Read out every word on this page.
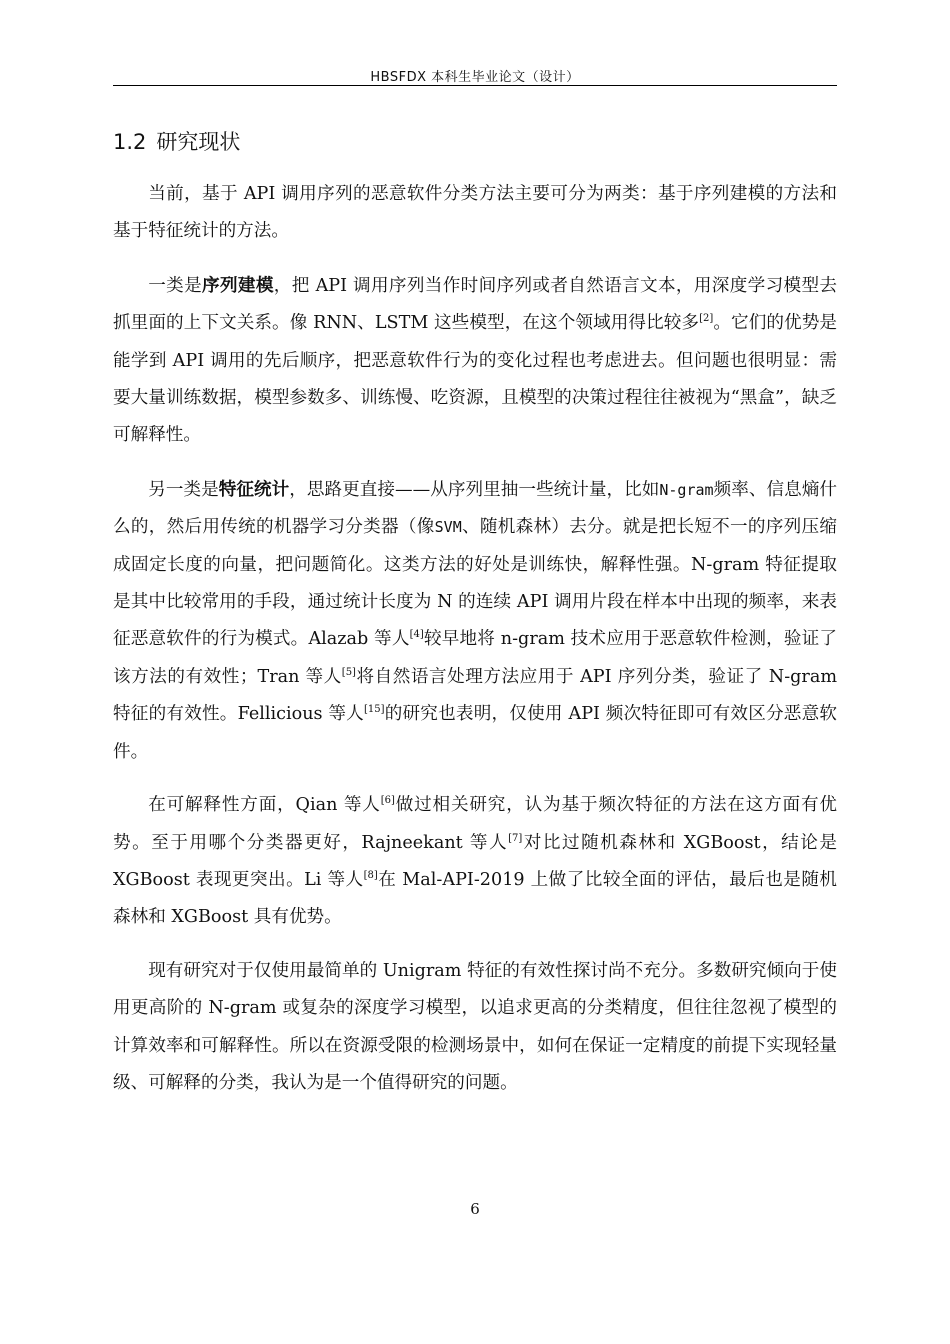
HBSFDX 本科生毕业论文（设计）
1.2 研究现状

当前，基于 API 调用序列的恶意软件分类方法主要可分为两类：基于序列建模的方法和基于特征统计的方法。

一类是序列建模，把 API 调用序列当作时间序列或者自然语言文本，用深度学习模型去抓里面的上下文关系。像 RNN、LSTM 这些模型，在这个领域用得比较多[2]。它们的优势是能学到 API 调用的先后顺序，把恶意软件行为的变化过程也考虑进去。但问题也很明显：需要大量训练数据，模型参数多、训练慢、吃资源，且模型的决策过程往往被视为“黑盒”，缺乏可解释性。

另一类是特征统计，思路更直接——从序列里抽一些统计量，比如N-gram频率、信息熵什么的，然后用传统的机器学习分类器（像SVM、随机森林）去分。就是把长短不一的序列压缩成固定长度的向量，把问题简化。这类方法的好处是训练快，解释性强。N-gram 特征提取是其中比较常用的手段，通过统计长度为 N 的连续 API 调用片段在样本中出现的频率，来表征恶意软件的行为模式。Alazab 等人[4]较早地将 n-gram 技术应用于恶意软件检测，验证了该方法的有效性；Tran 等人[5]将自然语言处理方法应用于 API 序列分类，验证了 N-gram 特征的有效性。Fellicious 等人[15]的研究也表明，仅使用 API 频次特征即可有效区分恶意软件。

在可解释性方面，Qian 等人[6]做过相关研究，认为基于频次特征的方法在这方面有优势。至于用哪个分类器更好，Rajneekant 等人[7]对比过随机森林和 XGBoost，结论是 XGBoost 表现更突出。Li 等人[8]在 Mal-API-2019 上做了比较全面的评估，最后也是随机森林和 XGBoost 具有优势。

现有研究对于仅使用最简单的 Unigram 特征的有效性探讨尚不充分。多数研究倾向于使用更高阶的 N-gram 或复杂的深度学习模型，以追求更高的分类精度，但往往忽视了模型的计算效率和可解释性。所以在资源受限的检测场景中，如何在保证一定精度的前提下实现轻量级、可解释的分类，我认为是一个值得研究的问题。

6
